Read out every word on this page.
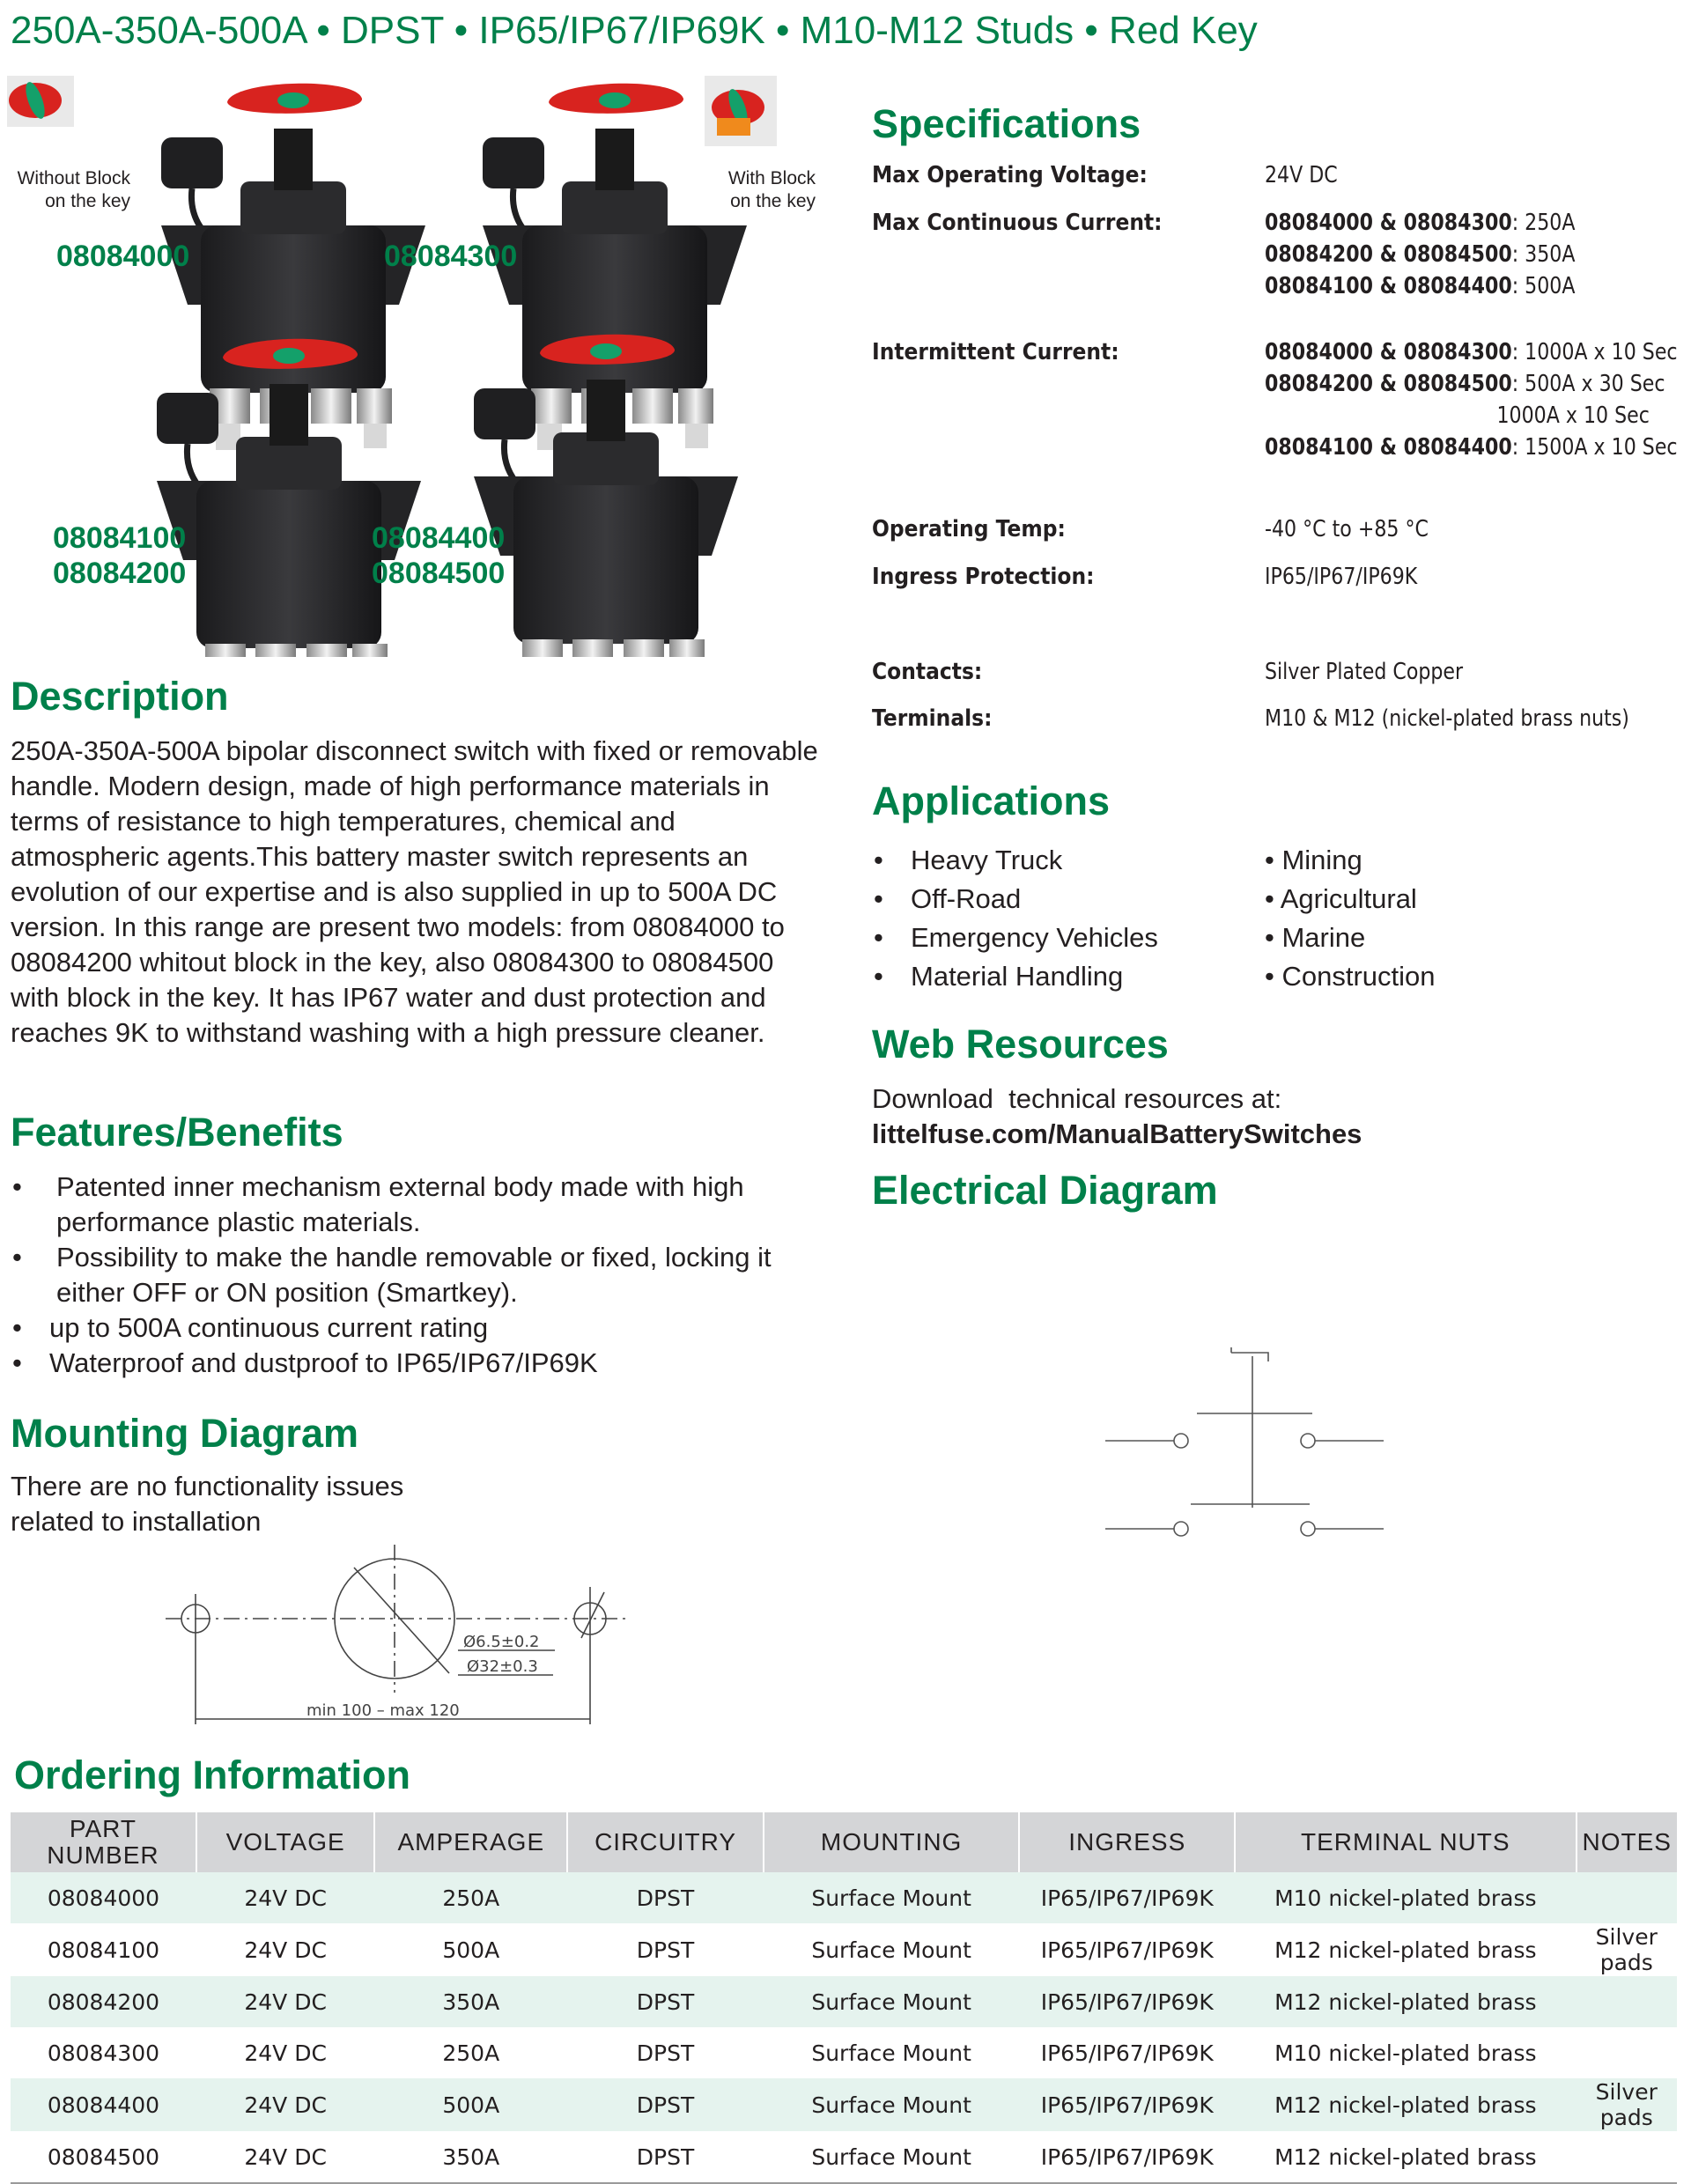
250A-350A-500A • DPST • IP65/IP67/IP69K • M10-M12 Studs • Red Key
Without Block
on the key
With Block
on the key
08084000	08084300
08084100
08084200
08084400
08084500
Description
250A-350A-500A bipolar disconnect switch with fixed or removable handle. Modern design, made of high performance materials in terms of resistance to high temperatures, chemical and atmospheric agents.This battery master switch represents an evolution of our expertise and is also supplied in up to 500A DC version. In this range are present two models: from 08084000 to 08084200 whitout block in the key, also 08084300 to 08084500 with block in the key. It has IP67 water and dust protection and reaches 9K to withstand washing with a high pressure cleaner.
Features/Benefits
• Patented inner mechanism external body made with high performance plastic materials.
• Possibility to make the handle removable or fixed, locking it either OFF or ON position (Smartkey).
• up to 500A continuous current rating
• Waterproof and dustproof to IP65/IP67/IP69K
Mounting Diagram
There are no functionality issues
related to installation
Ø6.5±0.2
Ø32±0.3
min 100 – max 120
Specifications
Max Operating Voltage:	24V DC
Max Continuous Current:	08084000 & 08084300: 250A
08084200 & 08084500: 350A
08084100 & 08084400: 500A
Intermittent Current:	08084000 & 08084300: 1000A x 10 Sec
08084200 & 08084500: 500A x 30 Sec
1000A x 10 Sec
08084100 & 08084400: 1500A x 10 Sec
Operating Temp:	-40 °C to +85 °C
Ingress Protection:	IP65/IP67/IP69K
Contacts:	Silver Plated Copper
Terminals:	M10 & M12 (nickel-plated brass nuts)
Applications
• Heavy Truck
• Off-Road
• Emergency Vehicles
• Material Handling
• Mining
• Agricultural
• Marine
• Construction
Web Resources
Download  technical resources at:
littelfuse.com/ManualBatterySwitches
Electrical Diagram
Ordering Information
PART NUMBER	VOLTAGE	AMPERAGE	CIRCUITRY	MOUNTING	INGRESS	TERMINAL NUTS	NOTES
08084000	24V DC	250A	DPST	Surface Mount	IP65/IP67/IP69K	M10 nickel-plated brass	
08084100	24V DC	500A	DPST	Surface Mount	IP65/IP67/IP69K	M12 nickel-plated brass	Silver pads
08084200	24V DC	350A	DPST	Surface Mount	IP65/IP67/IP69K	M12 nickel-plated brass	
08084300	24V DC	250A	DPST	Surface Mount	IP65/IP67/IP69K	M10 nickel-plated brass	
08084400	24V DC	500A	DPST	Surface Mount	IP65/IP67/IP69K	M12 nickel-plated brass	Silver pads
08084500	24V DC	350A	DPST	Surface Mount	IP65/IP67/IP69K	M12 nickel-plated brass	
